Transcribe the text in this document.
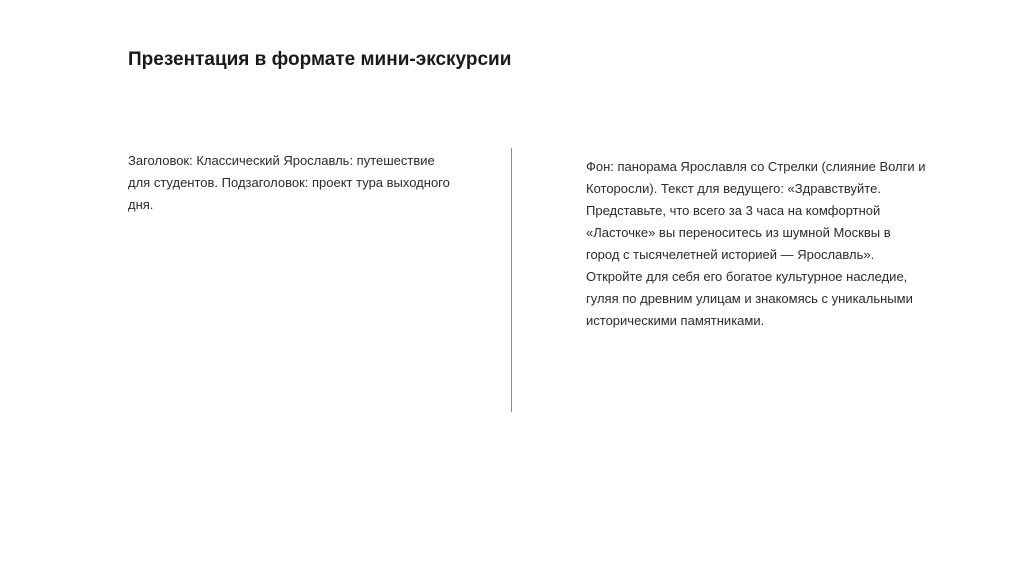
Презентация в формате мини-экскурсии

Заголовок: Классический Ярославль: путешествие для студентов. Подзаголовок: проект тура выходного дня.

Фон: панорама Ярославля со Стрелки (слияние Волги и Которосли). Текст для ведущего: «Здравствуйте. Представьте, что всего за 3 часа на комфортной «Ласточке» вы переноситесь из шумной Москвы в город с тысячелетней историей — Ярославль». Откройте для себя его богатое культурное наследие, гуляя по древним улицам и знакомясь с уникальными историческими памятниками.
